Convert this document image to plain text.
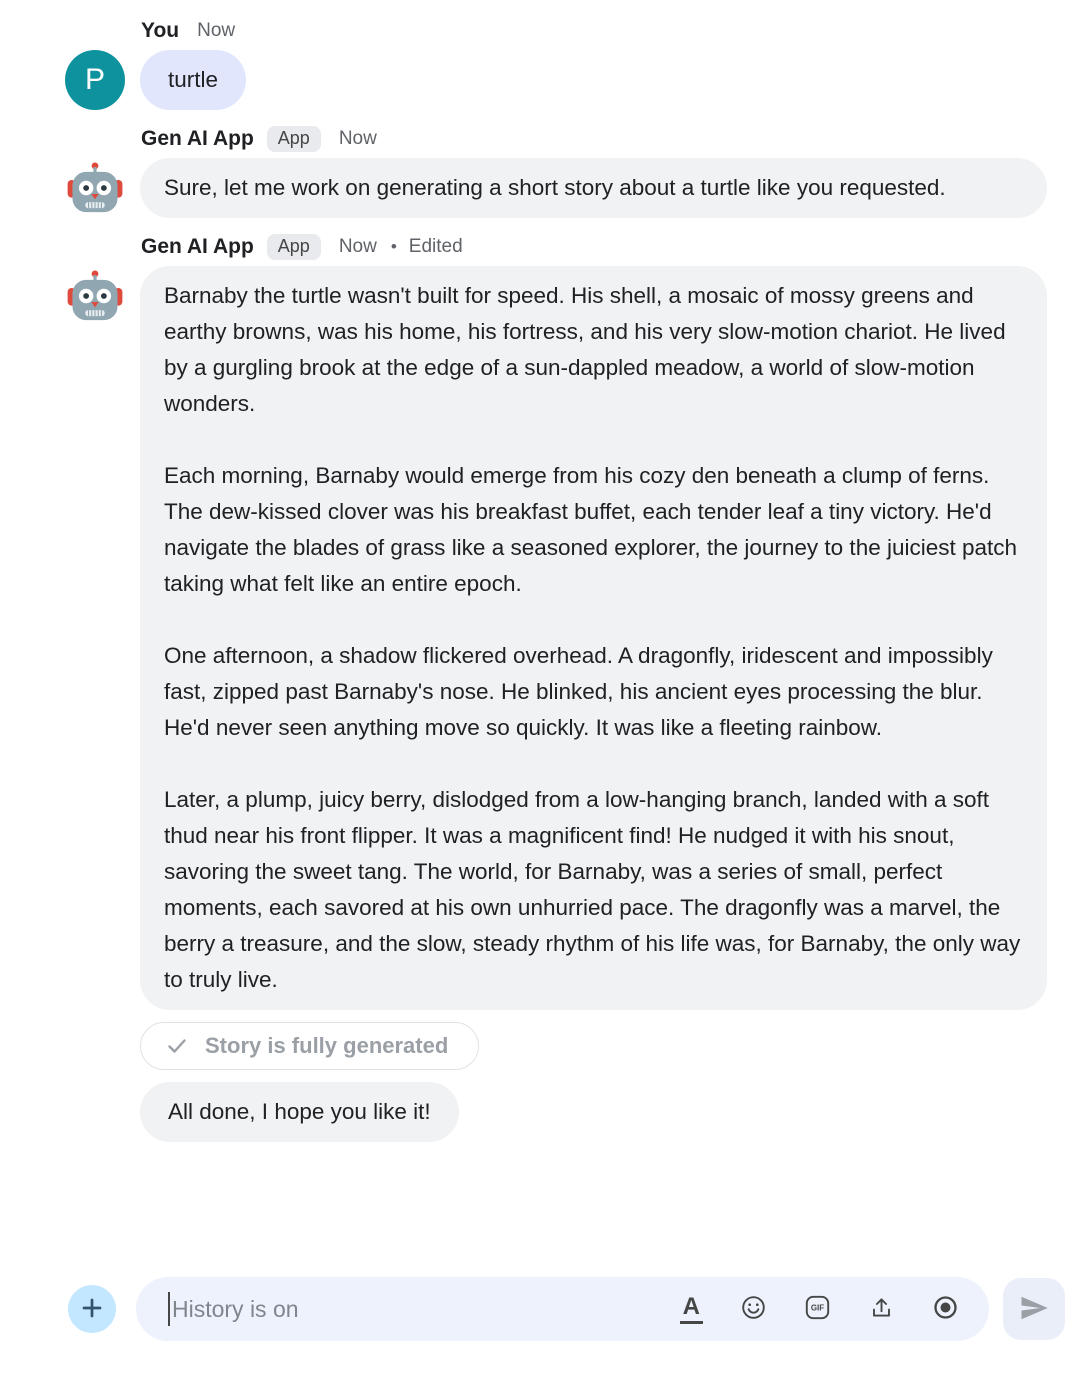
P
You Now
turtle
Gen AI App	App	Now
Sure, let me work on generating a short story about a turtle like you requested.
Gen AI App	App	Now • Edited

Barnaby the turtle wasn't built for speed. His shell, a mosaic of mossy greens and earthy browns, was his home, his fortress, and his very slow-motion chariot. He lived by a gurgling brook at the edge of a sun-dappled meadow, a world of slow-motion wonders.

Each morning, Barnaby would emerge from his cozy den beneath a clump of ferns. The dew-kissed clover was his breakfast buffet, each tender leaf a tiny victory. He'd navigate the blades of grass like a seasoned explorer, the journey to the juiciest patch taking what felt like an entire epoch.

One afternoon, a shadow flickered overhead. A dragonfly, iridescent and impossibly fast, zipped past Barnaby's nose. He blinked, his ancient eyes processing the blur. He'd never seen anything move so quickly. It was like a fleeting rainbow.

Later, a plump, juicy berry, dislodged from a low-hanging branch, landed with a soft thud near his front flipper. It was a magnificent find! He nudged it with his snout, savoring the sweet tang. The world, for Barnaby, was a series of small, perfect moments, each savored at his own unhurried pace. The dragonfly was a marvel, the berry a treasure, and the slow, steady rhythm of his life was, for Barnaby, the only way to truly live.

Story is fully generated
All done, I hope you like it!
History is on	A	GIF
